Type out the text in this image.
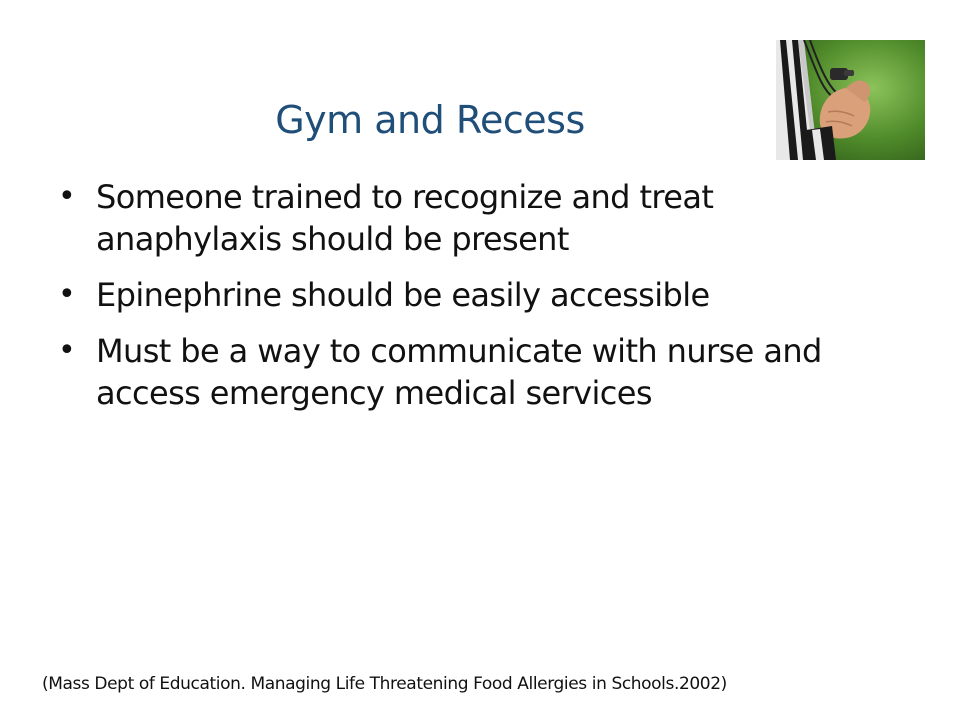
Gym and Recess
• Someone trained to recognize and treat anaphylaxis should be present
• Epinephrine should be easily accessible
• Must be a way to communicate with nurse and access emergency medical services
(Mass Dept of Education. Managing Life Threatening Food Allergies in Schools.2002)
